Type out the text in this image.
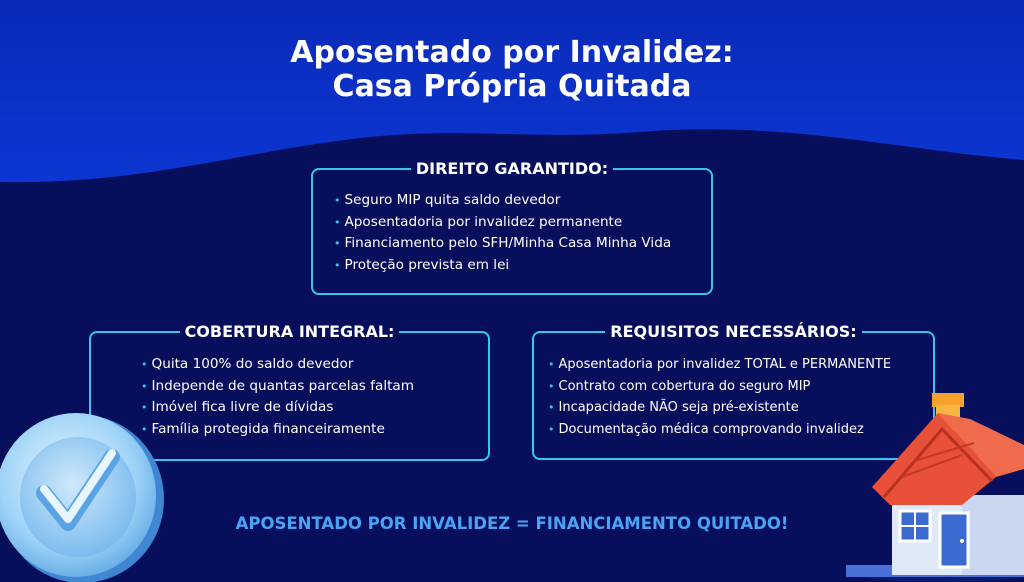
Aposentado por Invalidez:
Casa Própria Quitada
DIREITO GARANTIDO:
• Seguro MIP quita saldo devedor
• Aposentadoria por invalidez permanente
• Financiamento pelo SFH/Minha Casa Minha Vida
• Proteção prevista em lei
COBERTURA INTEGRAL:
• Quita 100% do saldo devedor
• Independe de quantas parcelas faltam
• Imóvel fica livre de dívidas
• Família protegida financeiramente
REQUISITOS NECESSÁRIOS:
• Aposentadoria por invalidez TOTAL e PERMANENTE
• Contrato com cobertura do seguro MIP
• Incapacidade NÃO seja pré-existente
• Documentação médica comprovando invalidez
APOSENTADO POR INVALIDEZ = FINANCIAMENTO QUITADO!
